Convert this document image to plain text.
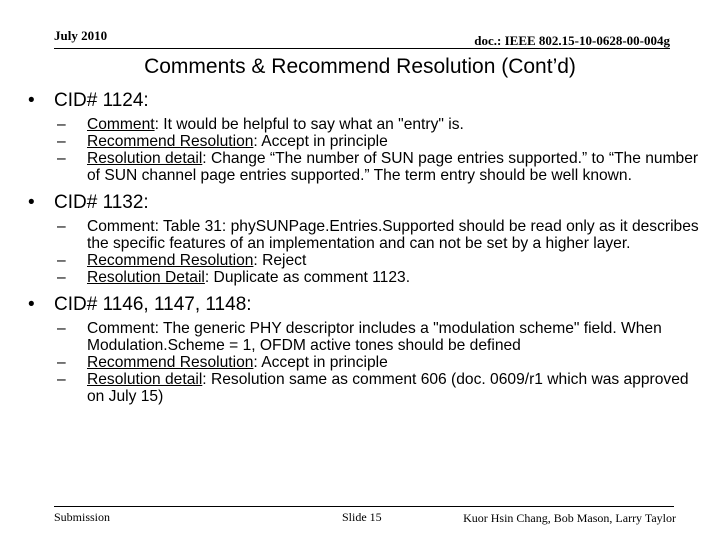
July 2010	doc.: IEEE 802.15-10-0628-00-004g
Comments & Recommend Resolution (Cont’d)
• CID# 1124:
– Comment: It would be helpful to say what an "entry" is.
– Recommend Resolution: Accept in principle
– Resolution detail: Change “The number of SUN page entries supported.” to “The number of SUN channel page entries supported.” The term entry should be well known.
• CID# 1132:
– Comment: Table 31: phySUNPage.Entries.Supported should be read only as it describes the specific features of an implementation and can not be set by a higher layer.
– Recommend Resolution: Reject
– Resolution Detail: Duplicate as comment 1123.
• CID# 1146, 1147, 1148:
– Comment: The generic PHY descriptor includes a "modulation scheme" field. When Modulation.Scheme = 1, OFDM active tones should be defined
– Recommend Resolution: Accept in principle
– Resolution detail: Resolution same as comment 606 (doc. 0609/r1 which was approved on July 15)
Submission	Slide 15	Kuor Hsin Chang, Bob Mason, Larry Taylor
